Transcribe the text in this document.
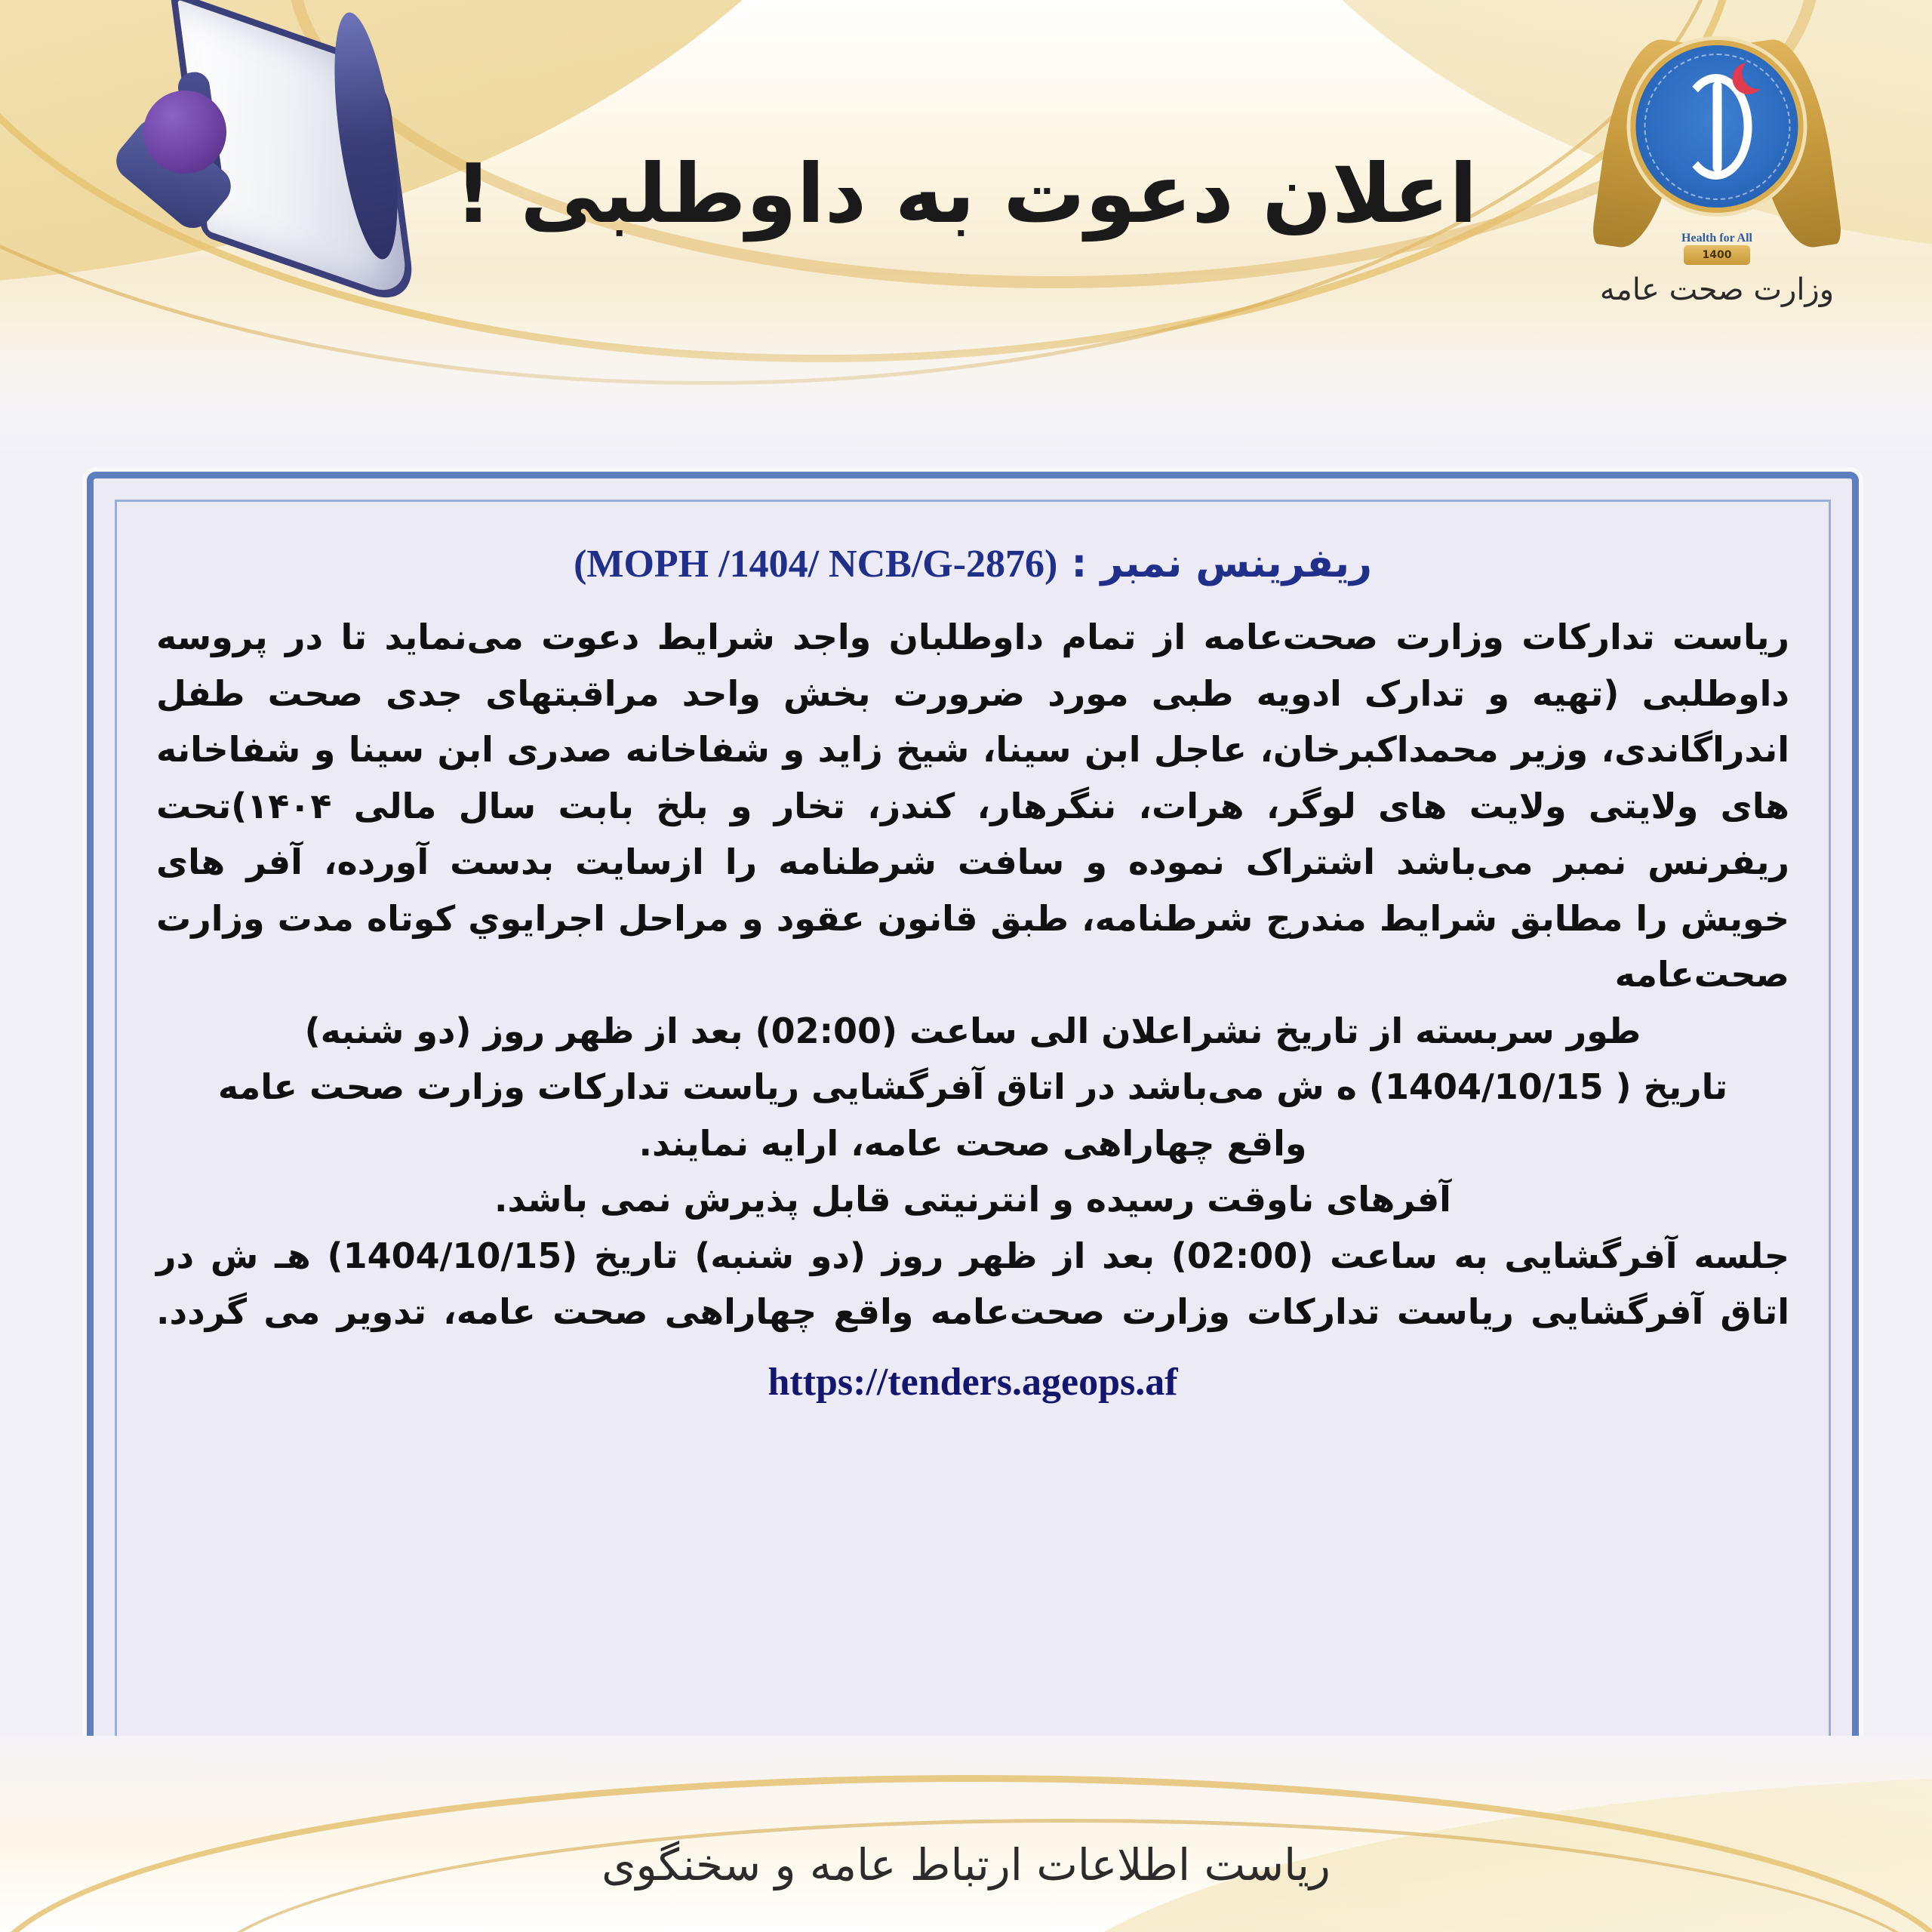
Health for All
1400
وزارت صحت عامه
اعلان دعوت به داوطلبی !
ریفرینس نمبر : (MOPH /1404/ NCB/G-2876)
ریاست تدارکات وزارت صحت‌عامه از تمام داوطلبان واجد شرایط دعوت می‌نماید تا در پروسه داوطلبی (تهیه و تدارک ادویه طبی مورد ضرورت بخش واحد مراقبتهای جدی صحت طفل اندراگاندی، وزیر محمداکبرخان، عاجل ابن سینا، شیخ زاید و شفاخانه صدری ابن سینا و شفاخانه های ولایتی ولایت های لوگر، هرات، ننگرهار، کندز، تخار و بلخ بابت سال مالی ۱۴۰۴)تحت ریفرنس نمبر می‌باشد اشتراک نموده و سافت شرطنامه را ازسایت بدست آورده، آفر های خویش را مطابق شرایط مندرج شرطنامه، طبق قانون عقود و مراحل اجرایوي کوتاه مدت وزارت صحت‌عامه
طور سربسته از تاریخ نشراعلان الی ساعت (02:00) بعد از ظهر روز (دو شنبه)
تاریخ ( 1404/10/15) ه ش می‌باشد در اتاق آفرگشایی ریاست تدارکات وزارت صحت عامه
واقع چهاراهی صحت عامه، ارایه نمایند.
آفرهای ناوقت رسیده و انترنیتی قابل پذیرش نمی باشد.
جلسه آفرگشایی به ساعت (02:00) بعد از ظهر روز (دو شنبه) تاریخ (1404/10/15) هـ ش در اتاق آفرگشایی ریاست تدارکات وزارت صحت‌عامه واقع چهاراهی صحت عامه، تدویر می گردد.
https://tenders.ageops.af
ریاست اطلاعات ارتباط عامه و سخنگوی
